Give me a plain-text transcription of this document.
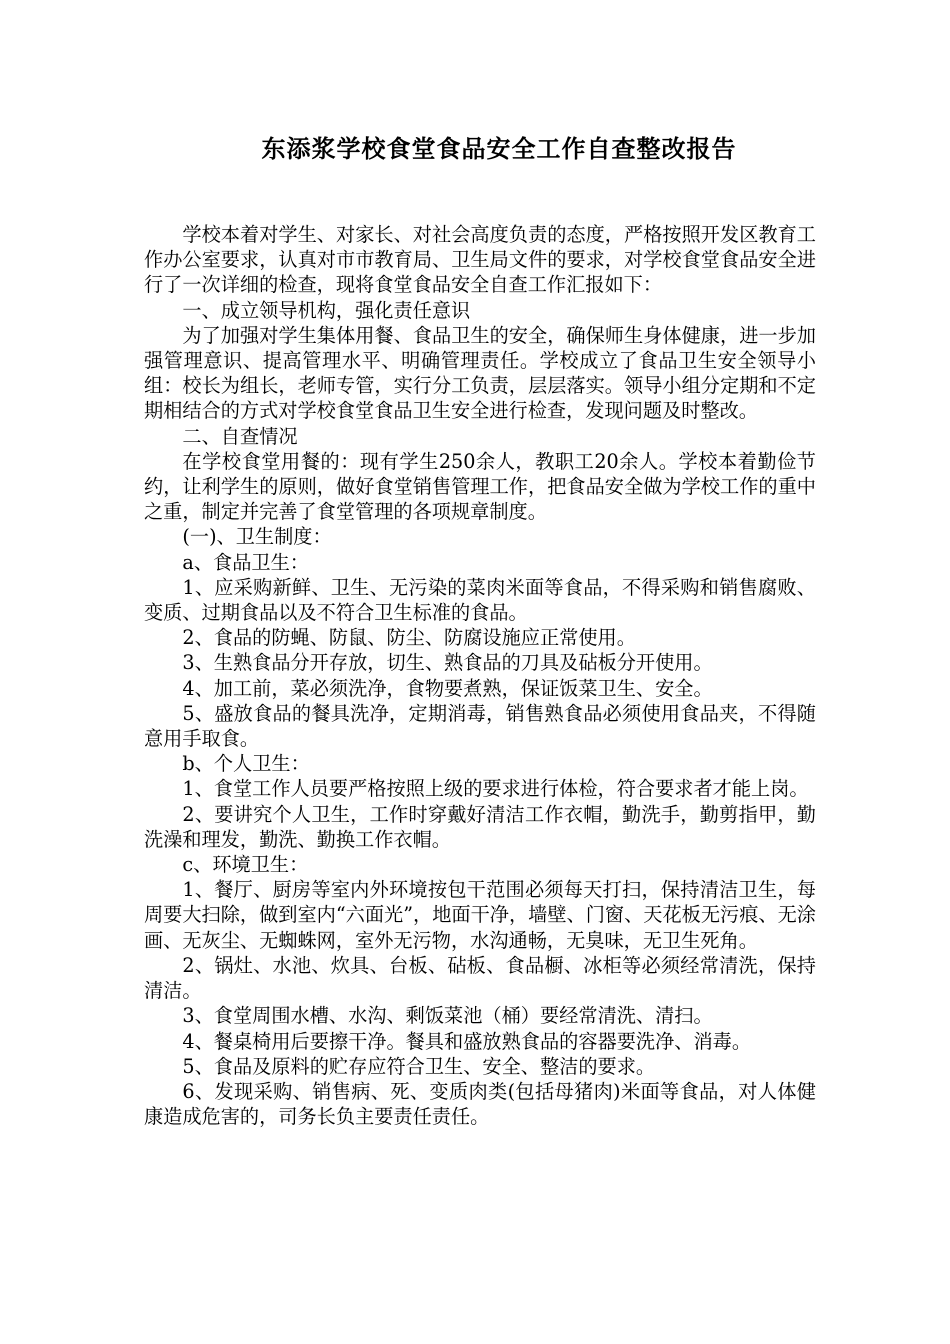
东添浆学校食堂食品安全工作自查整改报告

学校本着对学生、对家长、对社会高度负责的态度，严格按照开发区教育工作办公室要求，认真对市市教育局、卫生局文件的要求，对学校食堂食品安全进行了一次详细的检查，现将食堂食品安全自查工作汇报如下：

一、成立领导机构，强化责任意识

为了加强对学生集体用餐、食品卫生的安全，确保师生身体健康，进一步加强管理意识、提高管理水平、明确管理责任。学校成立了食品卫生安全领导小组：校长为组长，老师专管，实行分工负责，层层落实。领导小组分定期和不定期相结合的方式对学校食堂食品卫生安全进行检查，发现问题及时整改。

二、自查情况

在学校食堂用餐的：现有学生250余人，教职工20余人。学校本着勤俭节约，让利学生的原则，做好食堂销售管理工作，把食品安全做为学校工作的重中之重，制定并完善了食堂管理的各项规章制度。

(一)、卫生制度：

a、食品卫生：

1、应采购新鲜、卫生、无污染的菜肉米面等食品，不得采购和销售腐败、变质、过期食品以及不符合卫生标准的食品。

2、食品的防蝇、防鼠、防尘、防腐设施应正常使用。

3、生熟食品分开存放，切生、熟食品的刀具及砧板分开使用。

4、加工前，菜必须洗净，食物要煮熟，保证饭菜卫生、安全。

5、盛放食品的餐具洗净，定期消毒，销售熟食品必须使用食品夹，不得随意用手取食。

b、个人卫生：

1、食堂工作人员要严格按照上级的要求进行体检，符合要求者才能上岗。

2、要讲究个人卫生，工作时穿戴好清洁工作衣帽，勤洗手，勤剪指甲，勤洗澡和理发，勤洗、勤换工作衣帽。

c、环境卫生：

1、餐厅、厨房等室内外环境按包干范围必须每天打扫，保持清洁卫生，每周要大扫除，做到室内“六面光”，地面干净，墙壁、门窗、天花板无污痕、无涂画、无灰尘、无蜘蛛网，室外无污物，水沟通畅，无臭味，无卫生死角。

2、锅灶、水池、炊具、台板、砧板、食品橱、冰柜等必须经常清洗，保持清洁。

3、食堂周围水槽、水沟、剩饭菜池（桶）要经常清洗、清扫。

4、餐桌椅用后要擦干净。餐具和盛放熟食品的容器要洗净、消毒。

5、食品及原料的贮存应符合卫生、安全、整洁的要求。

6、发现采购、销售病、死、变质肉类(包括母猪肉)米面等食品，对人体健康造成危害的，司务长负主要责任责任。
